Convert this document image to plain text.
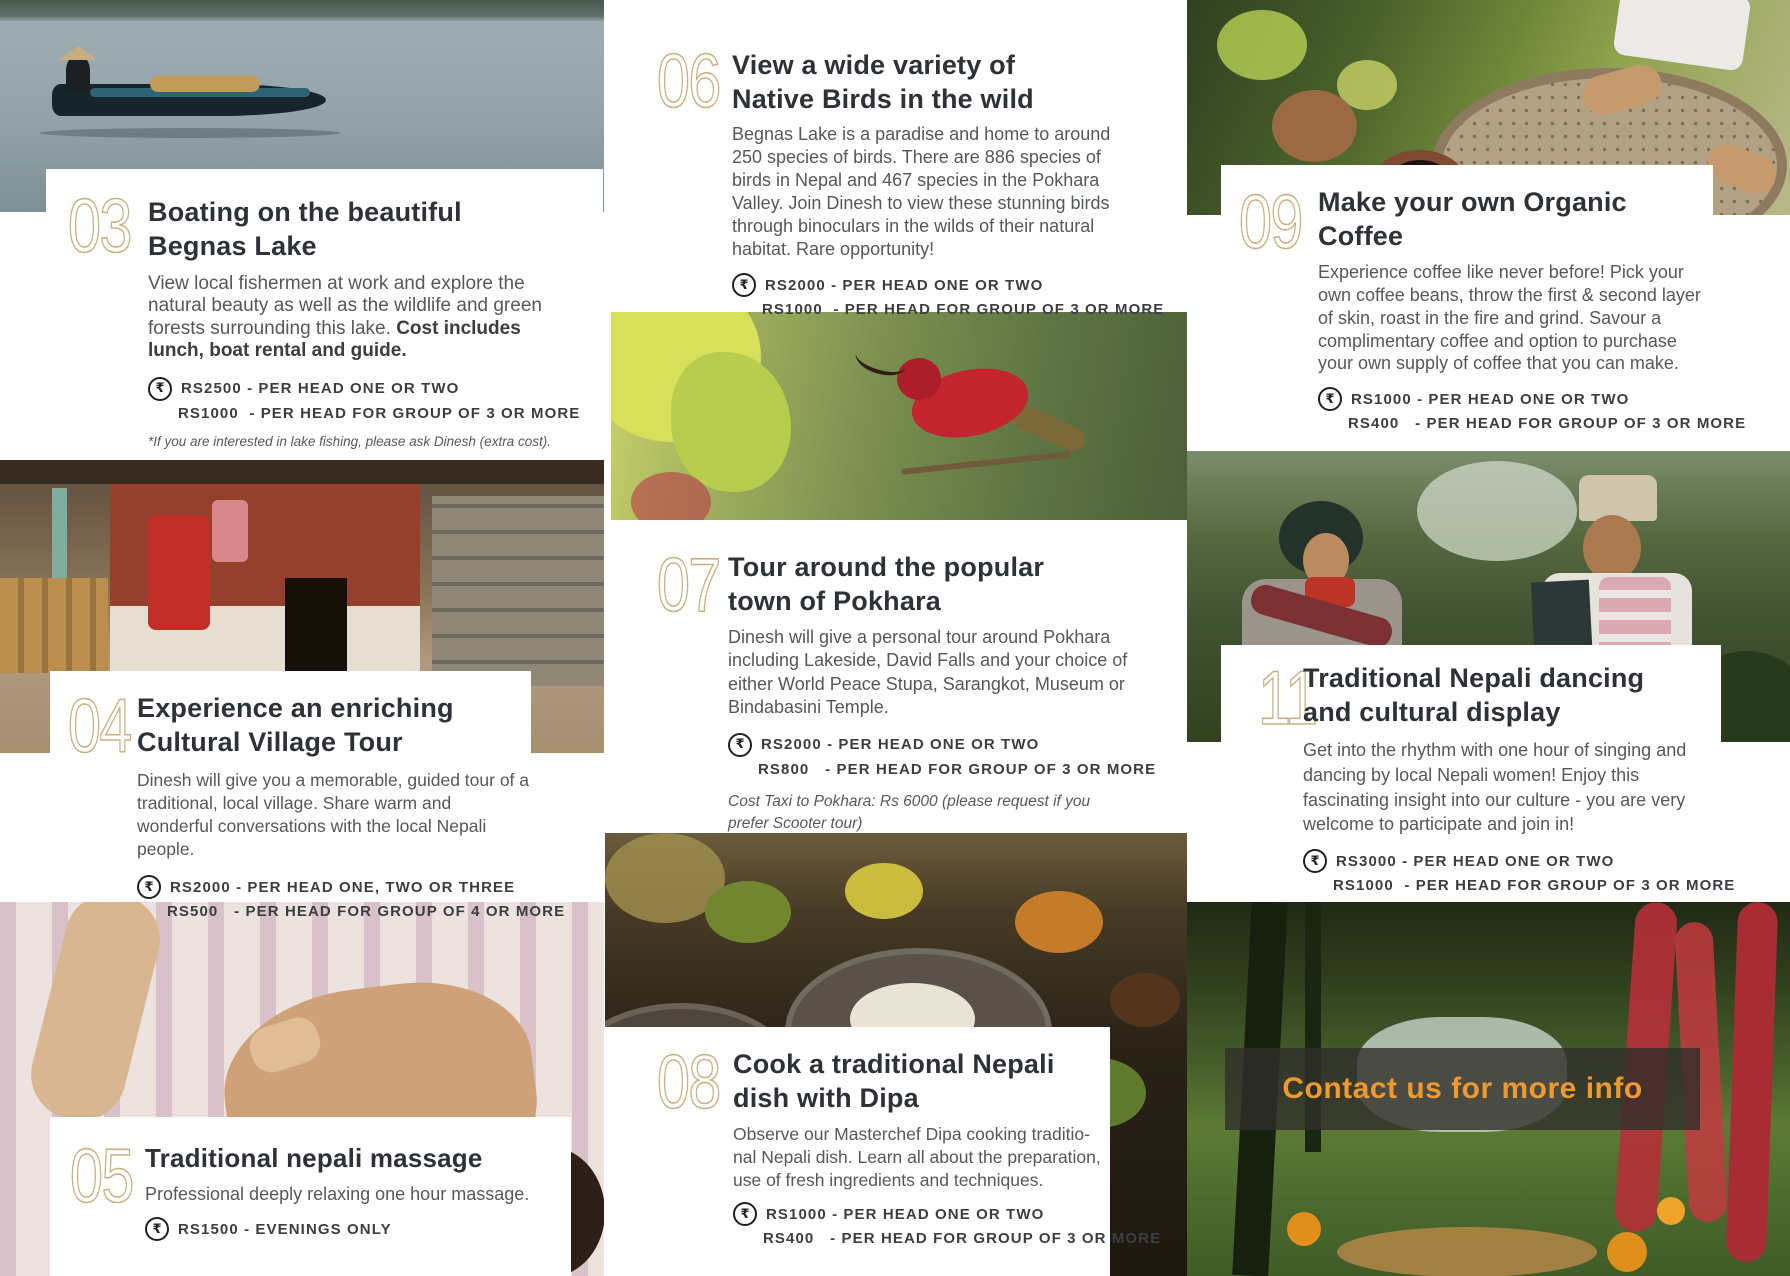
03 Boating on the beautiful Begnas Lake

View local fishermen at work and explore the natural beauty as well as the wildlife and green forests surrounding this lake. Cost includes lunch, boat rental and guide.

₹	RS2500 - PER HEAD ONE OR TWO
RS1000  - PER HEAD FOR GROUP OF 3 OR MORE

*If you are interested in lake fishing, please ask Dinesh (extra cost).

04 Experience an enriching Cultural Village Tour

Dinesh will give you a memorable, guided tour of a traditional, local village. Share warm and wonderful conversations with the local Nepali people.

₹	RS2000 - PER HEAD ONE, TWO OR THREE
RS500   - PER HEAD FOR GROUP OF 4 OR MORE
05 Traditional nepali massage

Professional deeply relaxing one hour massage.

₹	RS1500 - EVENINGS ONLY
06 View a wide variety of Native Birds in the wild

Begnas Lake is a paradise and home to around 250 species of birds. There are 886 species of birds in Nepal and 467 species in the Pokhara Valley. Join Dinesh to view these stunning birds through binoculars in the wilds of their natural habitat. Rare opportunity!

₹	RS2000 - PER HEAD ONE OR TWO
RS1000  - PER HEAD FOR GROUP OF 3 OR MORE
07 Tour around the popular town of Pokhara

Dinesh will give a personal tour around Pokhara including Lakeside, David Falls and your choice of either World Peace Stupa, Sarangkot, Museum or Bindabasini Temple.

₹	RS2000 - PER HEAD ONE OR TWO
RS800   - PER HEAD FOR GROUP OF 3 OR MORE

Cost Taxi to Pokhara: Rs 6000 (please request if you prefer Scooter tour)

08 Cook a traditional Nepali dish with Dipa

Observe our Masterchef Dipa cooking traditio-nal Nepali dish. Learn all about the preparation, use of fresh ingredients and techniques.

₹	RS1000 - PER HEAD ONE OR TWO
RS400   - PER HEAD FOR GROUP OF 3 OR MORE
09 Make your own Organic Coffee

Experience coffee like never before! Pick your own coffee beans, throw the first & second layer of skin, roast in the fire and grind. Savour a complimentary coffee and option to purchase your own supply of coffee that you can make.

₹	RS1000 - PER HEAD ONE OR TWO
RS400   - PER HEAD FOR GROUP OF 3 OR MORE
11
Traditional Nepali dancing and cultural display

Get into the rhythm with one hour of singing and dancing by local Nepali women! Enjoy this fascinating insight into our culture - you are very welcome to participate and join in!

₹	RS3000 - PER HEAD ONE OR TWO
RS1000  - PER HEAD FOR GROUP OF 3 OR MORE
Contact us for more info
